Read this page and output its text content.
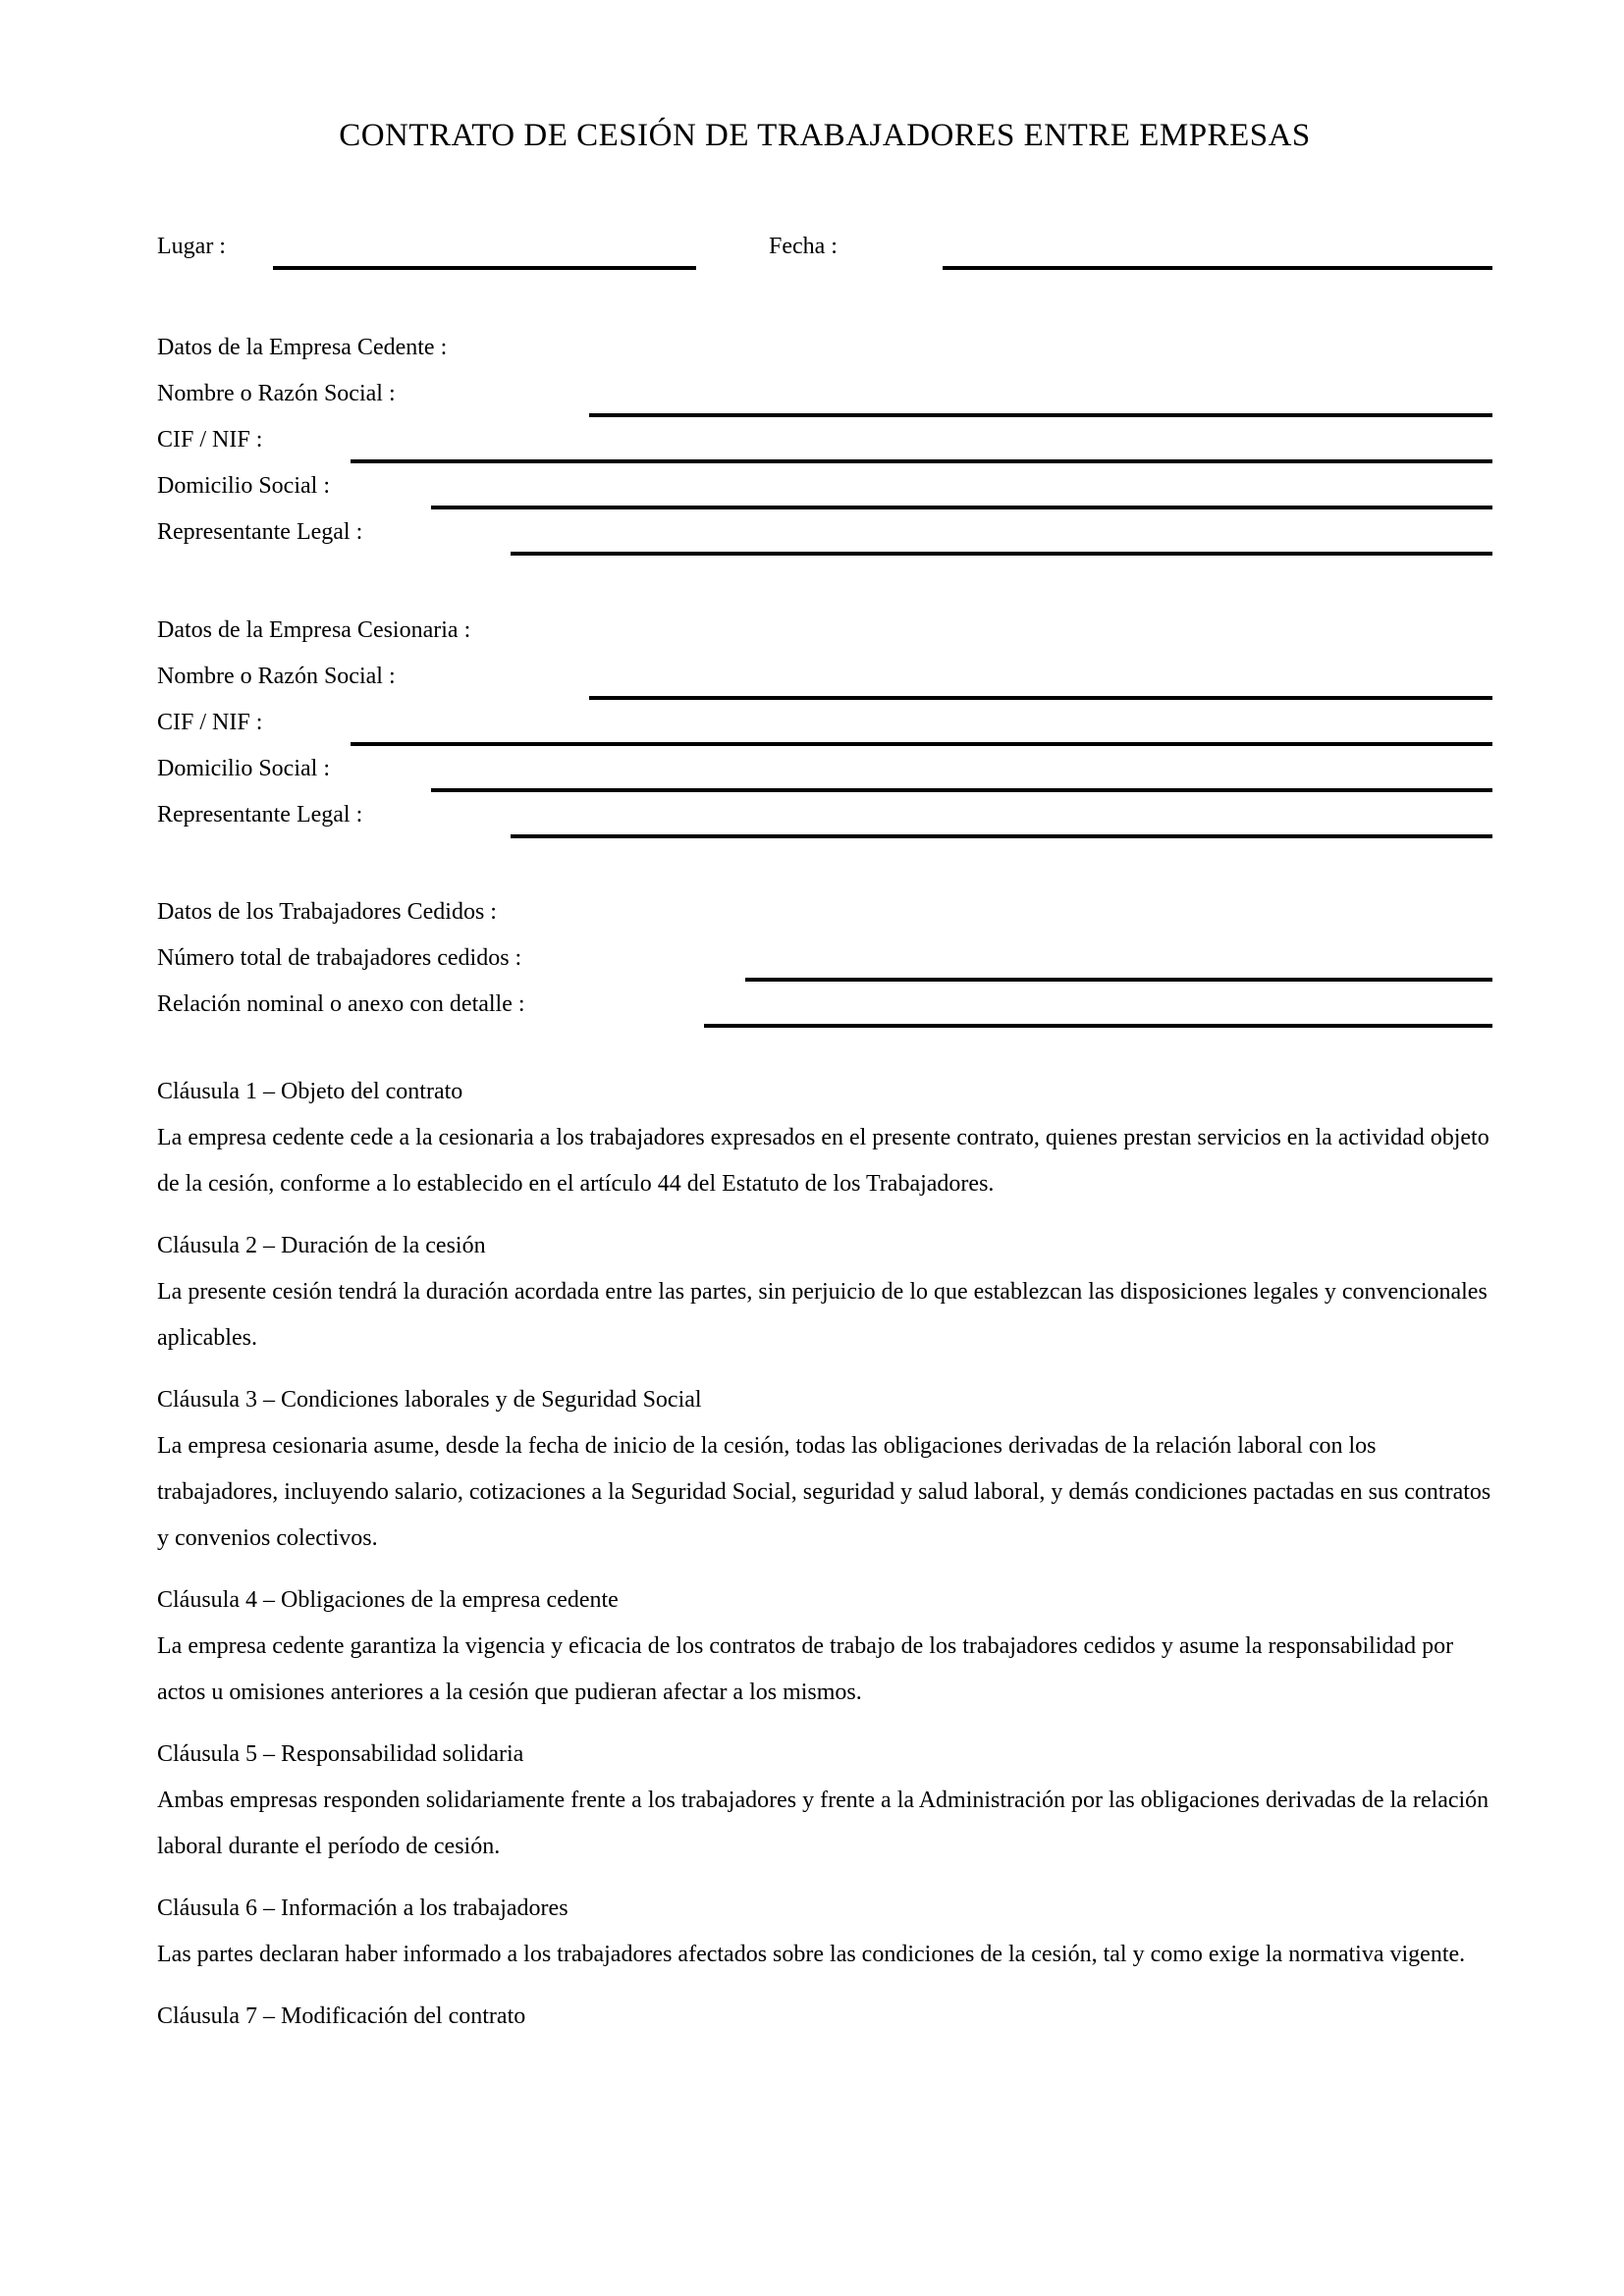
CONTRATO DE CESIÓN DE TRABAJADORES ENTRE EMPRESAS
Lugar :	Fecha :

Datos de la Empresa Cedente :

Nombre o Razón Social :
CIF / NIF :
Domicilio Social :
Representante Legal :

Datos de la Empresa Cesionaria :

Nombre o Razón Social :
CIF / NIF :
Domicilio Social :
Representante Legal :

Datos de los Trabajadores Cedidos :

Número total de trabajadores cedidos :
Relación nominal o anexo con detalle :

Cláusula 1 – Objeto del contrato

La empresa cedente cede a la cesionaria a los trabajadores expresados en el presente contrato, quienes prestan servicios en la actividad objeto de la cesión, conforme a lo establecido en el artículo 44 del Estatuto de los Trabajadores.

Cláusula 2 – Duración de la cesión

La presente cesión tendrá la duración acordada entre las partes, sin perjuicio de lo que establezcan las disposiciones legales y convencionales aplicables.

Cláusula 3 – Condiciones laborales y de Seguridad Social

La empresa cesionaria asume, desde la fecha de inicio de la cesión, todas las obligaciones derivadas de la relación laboral con los trabajadores, incluyendo salario, cotizaciones a la Seguridad Social, seguridad y salud laboral, y demás condiciones pactadas en sus contratos y convenios colectivos.

Cláusula 4 – Obligaciones de la empresa cedente

La empresa cedente garantiza la vigencia y eficacia de los contratos de trabajo de los trabajadores cedidos y asume la responsabilidad por actos u omisiones anteriores a la cesión que pudieran afectar a los mismos.

Cláusula 5 – Responsabilidad solidaria

Ambas empresas responden solidariamente frente a los trabajadores y frente a la Administración por las obligaciones derivadas de la relación laboral durante el período de cesión.

Cláusula 6 – Información a los trabajadores

Las partes declaran haber informado a los trabajadores afectados sobre las condiciones de la cesión, tal y como exige la normativa vigente.

Cláusula 7 – Modificación del contrato
